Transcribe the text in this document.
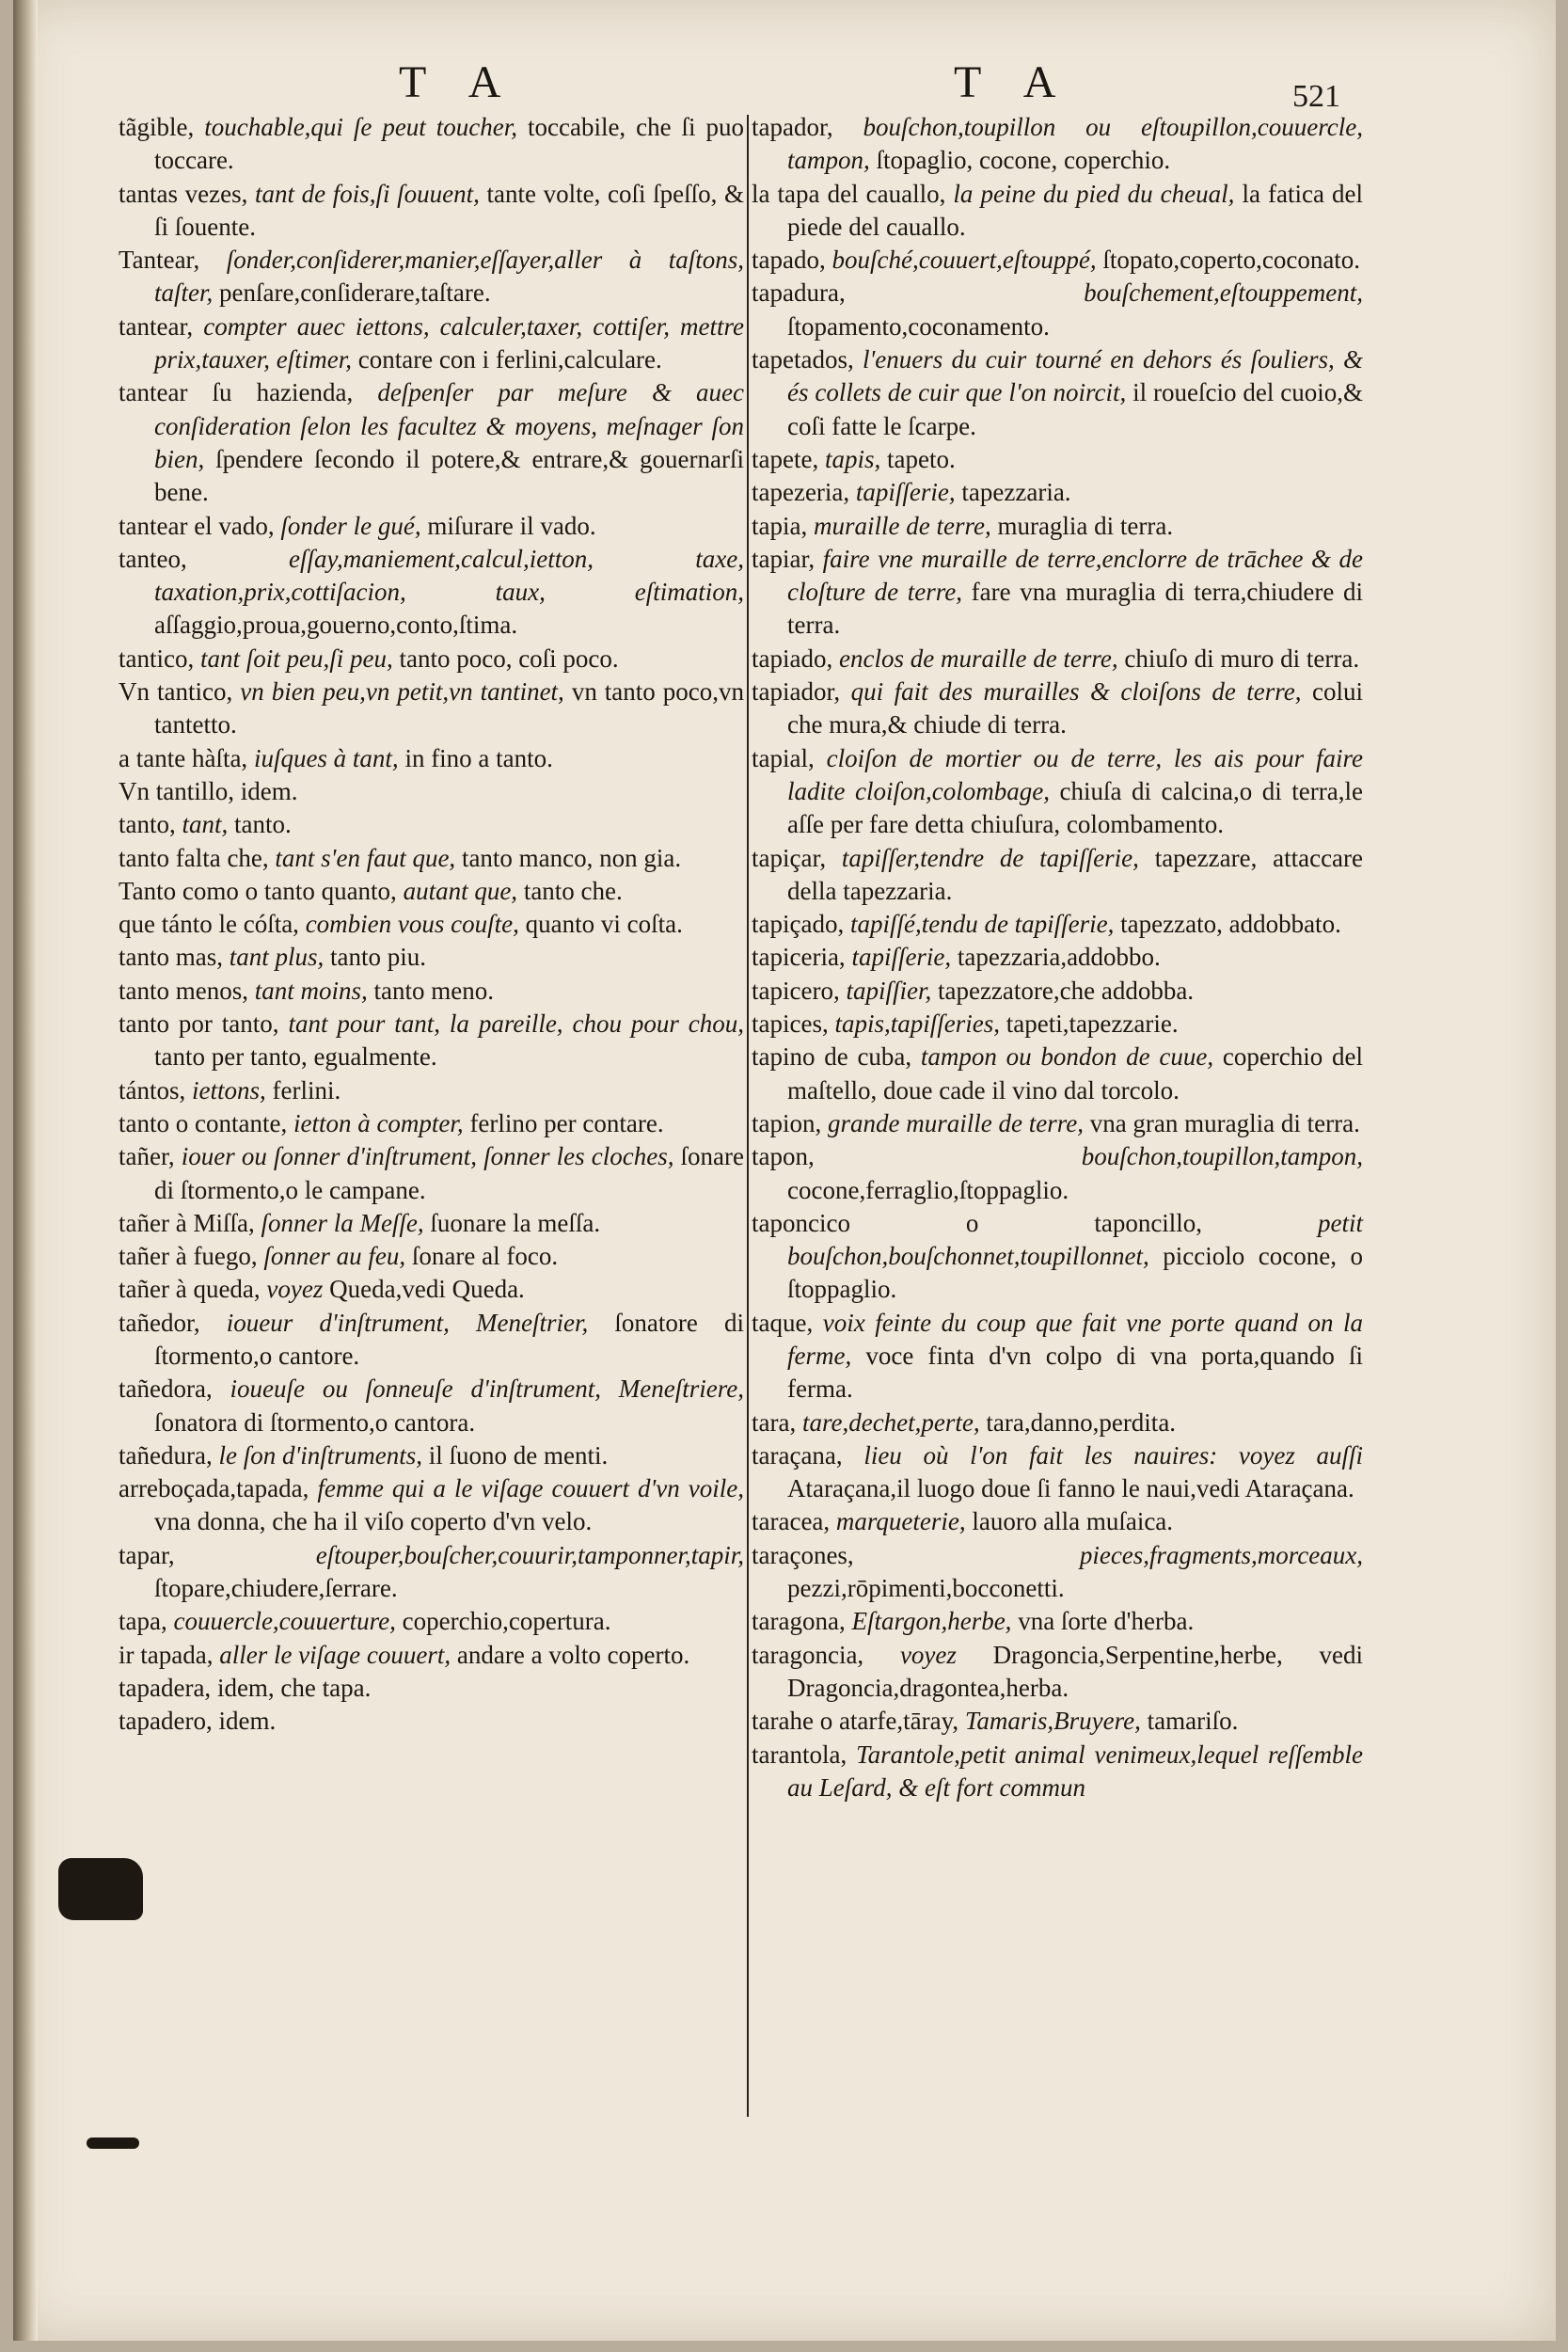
T A	T A	521

tãgible, touchable,qui ſe peut toucher, toccabile, che ſi puo toccare.

tantas vezes, tant de fois,ſi ſouuent, tante volte, coſi ſpeſſo, & ſi ſouente.

Tantear, ſonder,conſiderer,manier,eſſayer,aller à taſtons, taſter, penſare,conſiderare,taſtare.

tantear, compter auec iettons, calculer,taxer, cottiſer, mettre prix,tauxer, eſtimer, contare con i ferlini,calculare.

tantear ſu hazienda, deſpenſer par meſure & auec conſideration ſelon les facultez & moyens, meſnager ſon bien, ſpendere ſecondo il potere,& entrare,& gouernarſi bene.

tantear el vado, ſonder le gué, miſurare il vado.

tanteo,	eſſay,maniement,calcul,ietton, taxe, taxation,prix,cottiſacion, taux, eſtimation, aſſaggio,proua,gouerno,conto,ſtima.

tantico, tant ſoit peu,ſi peu, tanto poco, coſi poco.

Vn tantico, vn bien peu,vn petit,vn tantinet, vn tanto poco,vn tantetto.

a tante hàſta, iuſques à tant, in fino a tanto.

Vn tantillo, idem.

tanto, tant, tanto.

tanto falta che, tant s'en faut que, tanto manco, non gia.

Tanto como o tanto quanto, autant que, tanto che.

que tánto le cóſta, combien vous couſte, quanto vi coſta.

tanto mas, tant plus, tanto piu.

tanto menos, tant moins, tanto meno.

tanto por tanto, tant pour tant, la pareille, chou pour chou, tanto per tanto, egualmente.

tántos, iettons, ferlini.

tanto o contante, ietton à compter, ferlino per contare.

tañer, iouer ou ſonner d'inſtrument, ſonner les cloches, ſonare di ſtormento,o le campane.

tañer à Miſſa, ſonner la Meſſe, ſuonare la meſſa.

tañer à fuego, ſonner au feu, ſonare al foco.

tañer à queda, voyez Queda,vedi Queda.

tañedor, ioueur d'inſtrument, Meneſtrier, ſonatore di ſtormento,o cantore.

tañedora, ioueuſe ou ſonneuſe d'inſtrument, Meneſtriere, ſonatora di ſtormento,o cantora.

tañedura, le ſon d'inſtruments, il ſuono de menti.

arreboçada,tapada, femme qui a le viſage couuert d'vn voile, vna donna, che ha il viſo coperto d'vn velo.

tapar,	eſtouper,bouſcher,couurir,tamponner,tapir, ſtopare,chiudere,ſerrare.

tapa, couuercle,couuerture, coperchio,copertura.

ir tapada, aller le viſage couuert, andare a volto coperto.

tapadera, idem, che tapa.

tapadero, idem.

tapador, bouſchon,toupillon ou eſtoupillon,couuercle, tampon, ſtopaglio, cocone, coperchio.

la tapa del cauallo, la peine du pied du cheual, la fatica del piede del cauallo.

tapado, bouſché,couuert,eſtouppé, ſtopato,coperto,coconato.

tapadura,	bouſchement,eſtouppement, ſtopamento,coconamento.

tapetados, l'enuers du cuir tourné en dehors és ſouliers, & és collets de cuir que l'on noircit, il roueſcio del cuoio,& coſi fatte le ſcarpe.

tapete, tapis, tapeto.

tapezeria, tapiſſerie, tapezzaria.

tapia, muraille de terre, muraglia di terra.

tapiar, faire vne muraille de terre,enclorre de trāchee & de cloſture de terre, fare vna muraglia di terra,chiudere di terra.

tapiado, enclos de muraille de terre, chiuſo di muro di terra.

tapiador, qui fait des murailles & cloiſons de terre, colui che mura,& chiude di terra.

tapial, cloiſon de mortier ou de terre, les ais pour faire ladite cloiſon,colombage, chiuſa di calcina,o di terra,le aſſe per fare detta chiuſura, colombamento.

tapiçar, tapiſſer,tendre de tapiſſerie, tapezzare, attaccare della tapezzaria.

tapiçado, tapiſſé,tendu de tapiſſerie, tapezzato, addobbato.

tapiceria, tapiſſerie, tapezzaria,addobbo.

tapicero, tapiſſier, tapezzatore,che addobba.

tapices, tapis,tapiſſeries, tapeti,tapezzarie.

tapino de cuba, tampon ou bondon de cuue, coperchio del maſtello, doue cade il vino dal torcolo.

tapion, grande muraille de terre, vna gran muraglia di terra.

tapon,	bouſchon,toupillon,tampon, cocone,ferraglio,ſtoppaglio.

taponcico o taponcillo,	petit bouſchon,bouſchonnet,toupillonnet, picciolo cocone, o ſtoppaglio.

taque, voix feinte du coup que fait vne porte quand on la ferme, voce finta d'vn colpo di vna porta,quando ſi ferma.

tara, tare,dechet,perte, tara,danno,perdita.

taraçana, lieu où l'on fait les nauires: voyez auſſi Ataraçana,il luogo doue ſi fanno le naui,vedi Ataraçana.

taracea, marqueterie, lauoro alla muſaica.

taraçones,	pieces,fragments,morceaux, pezzi,rōpimenti,bocconetti.

taragona, Eſtargon,herbe, vna ſorte d'herba.

taragoncia, voyez Dragoncia,Serpentine,herbe, vedi Dragoncia,dragontea,herba.

tarahe o atarfe,tāray, Tamaris,Bruyere, tamariſo.

tarantola, Tarantole,petit animal venimeux,lequel reſſemble au Leſard, & eſt fort commun
